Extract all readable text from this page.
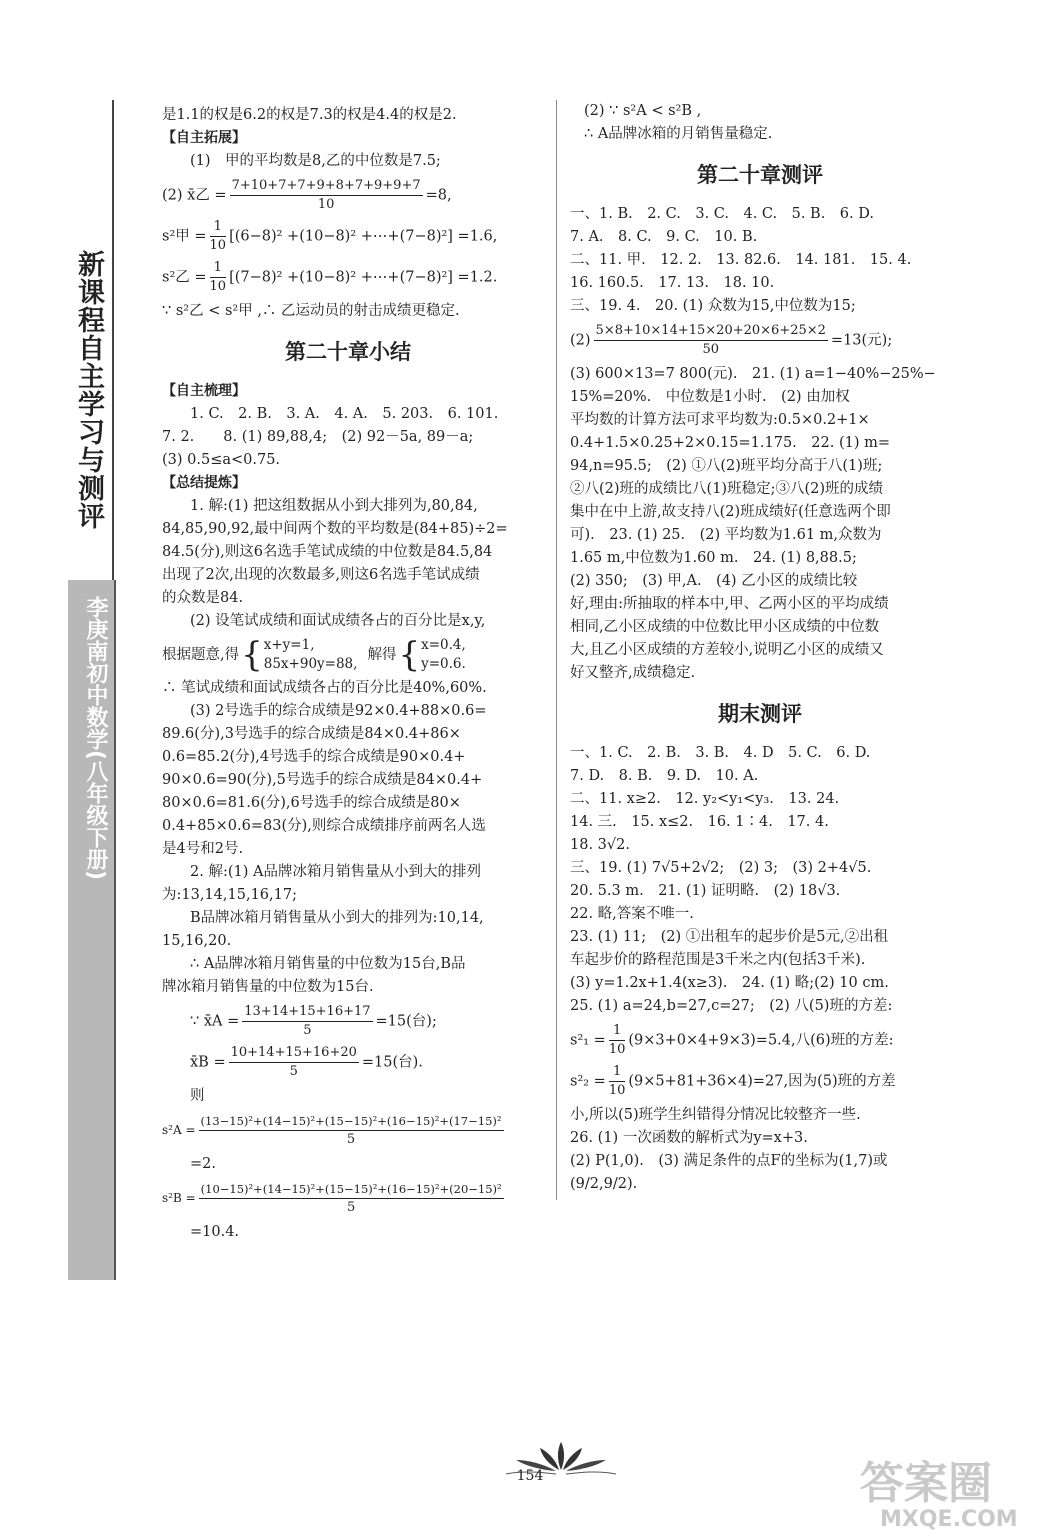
新课程自主学习与测评
李庚南初中数学(八年级下册)
是1.1的权是6.2的权是7.3的权是4.4的权是2.
【自主拓展】
(1)　甲的平均数是8,乙的中位数是7.5;
(2) x̄乙 = $\frac{7+10+7+7+9+8+7+9+9+7}{10} =8$,
s²甲 = $\frac{1}{10} [(6-8)^2 +(10-8)^2$ +⋯+(7−8)²] =1.6,
s²乙 = $\frac{1}{10} [(7-8)^2 +(10-8)^2$ +⋯+(7−8)²] =1.2.
∵ s²乙 < s²甲 ,∴ 乙运动员的射击成绩更稳定.
第二十章小结
【自主梳理】
1. C.　2. B.　3. A.　4. A.　5. 203.　6. 101.
7. 2.　　8. (1) 89,88,4;　(2) 92－5a, 89－a;
(3) 0.5≤a<0.75.
【总结提炼】
1. 解:(1) 把这组数据从小到大排列为,80,84,
84,85,90,92,最中间两个数的平均数是(84+85)÷2=
84.5(分),则这6名选手笔试成绩的中位数是84.5,84
出现了2次,出现的次数最多,则这6名选手笔试成绩
的众数是84.
(2) 设笔试成绩和面试成绩各占的百分比是x,y,
根据题意,得 { x+y=1,
85x+90y=88,
解得 { x=0.4,
y=0.6.
∴ 笔试成绩和面试成绩各占的百分比是40%,60%.
(3) 2号选手的综合成绩是92×0.4+88×0.6=
89.6(分),3号选手的综合成绩是84×0.4+86×
0.6=85.2(分),4号选手的综合成绩是90×0.4+
90×0.6=90(分),5号选手的综合成绩是84×0.4+
80×0.6=81.6(分),6号选手的综合成绩是80×
0.4+85×0.6=83(分),则综合成绩排序前两名人选
是4号和2号.
2. 解:(1) A品牌冰箱月销售量从小到大的排列
为:13,14,15,16,17;
B品牌冰箱月销售量从小到大的排列为:10,14,
15,16,20.
∴ A品牌冰箱月销售量的中位数为15台,B品
牌冰箱月销售量的中位数为15台.
∵ x̄A = $\frac{13+14+15+16+17}{5} =15$(台);
x̄B = $\frac{10+14+15+16+20}{5} =15$(台).
则
$s^2A = \frac{\text{(13−15)²+(14−15)²+(15−15)²+(16−15)²+(17−15)²}}{5}$
=2.
$s^2B = \frac{\text{(10−15)²+(14−15)²+(15−15)²+(16−15)²+(20−15)²}}{5}$
=10.4.
(2) ∵ s²A < s²B ,
∴ A品牌冰箱的月销售量稳定.
第二十章测评
一、1. B.　2. C.　3. C.　4. C.　5. B.　6. D.
7. A.　8. C.　9. C.　10. B.
二、11. 甲.　12. 2.　13. 82.6.　14. 181.　15. 4.
16. 160.5.　17. 13.　18. 10.
三、19. 4.　20. (1) 众数为15,中位数为15;
$(2) \frac{5\times 8+10\times 14+15\times 20+20\times 6+25\times 2}{50} =13$(元);
(3) 600×13=7 800(元).　21. (1) a=1−40%−25%−
15%=20%.　中位数是1小时.　(2) 由加权
平均数的计算方法可求平均数为:0.5×0.2+1×
0.4+1.5×0.25+2×0.15=1.175.　22. (1) m=
94,n=95.5;　(2) ①八(2)班平均分高于八(1)班;
②八(2)班的成绩比八(1)班稳定;③八(2)班的成绩
集中在中上游,故支持八(2)班成绩好(任意选两个即
可).　23. (1) 25.　(2) 平均数为1.61 m,众数为
1.65 m,中位数为1.60 m.　24. (1) 8,88.5;
(2) 350;　(3) 甲,A.　(4) 乙小区的成绩比较
好,理由:所抽取的样本中,甲、乙两小区的平均成绩
相同,乙小区成绩的中位数比甲小区成绩的中位数
大,且乙小区成绩的方差较小,说明乙小区的成绩又
好又整齐,成绩稳定.
期末测评
一、1. C.　2. B.　3. B.　4. D　5. C.　6. D.
7. D.　8. B.　9. D.　10. A.
二、11. x≥2.　12. y₂<y₁<y₃.　13. 24.
14. 三.　15. x≤2.　16. 1∶4.　17. 4.
18. 3√2.
三、19. (1) 7√5+2√2;　(2) 3;　(3) 2+4√5.
20. 5.3 m.　21. (1) 证明略.　(2) 18√3.
22. 略,答案不唯一.
23. (1) 11;　(2) ①出租车的起步价是5元,②出租
车起步价的路程范围是3千米之内(包括3千米).
(3) y=1.2x+1.4(x≥3).　24. (1) 略;(2) 10 cm.
25. (1) a=24,b=27,c=27;　(2) 八(5)班的方差:
$s^2_1 = \frac{1}{10} (9\times 3+0\times 4+9\times 3)=5.4$,八(6)班的方差:
$s^2_2 = \frac{1}{10} (9\times 5+81+36\times 4)=27$,因为(5)班的方差
小,所以(5)班学生纠错得分情况比较整齐一些.
26. (1) 一次函数的解析式为y=x+3.
(2) P(1,0).　(3) 满足条件的点F的坐标为(1,7)或
(9/2,9/2).
154	答案圈
MXQE.COM
